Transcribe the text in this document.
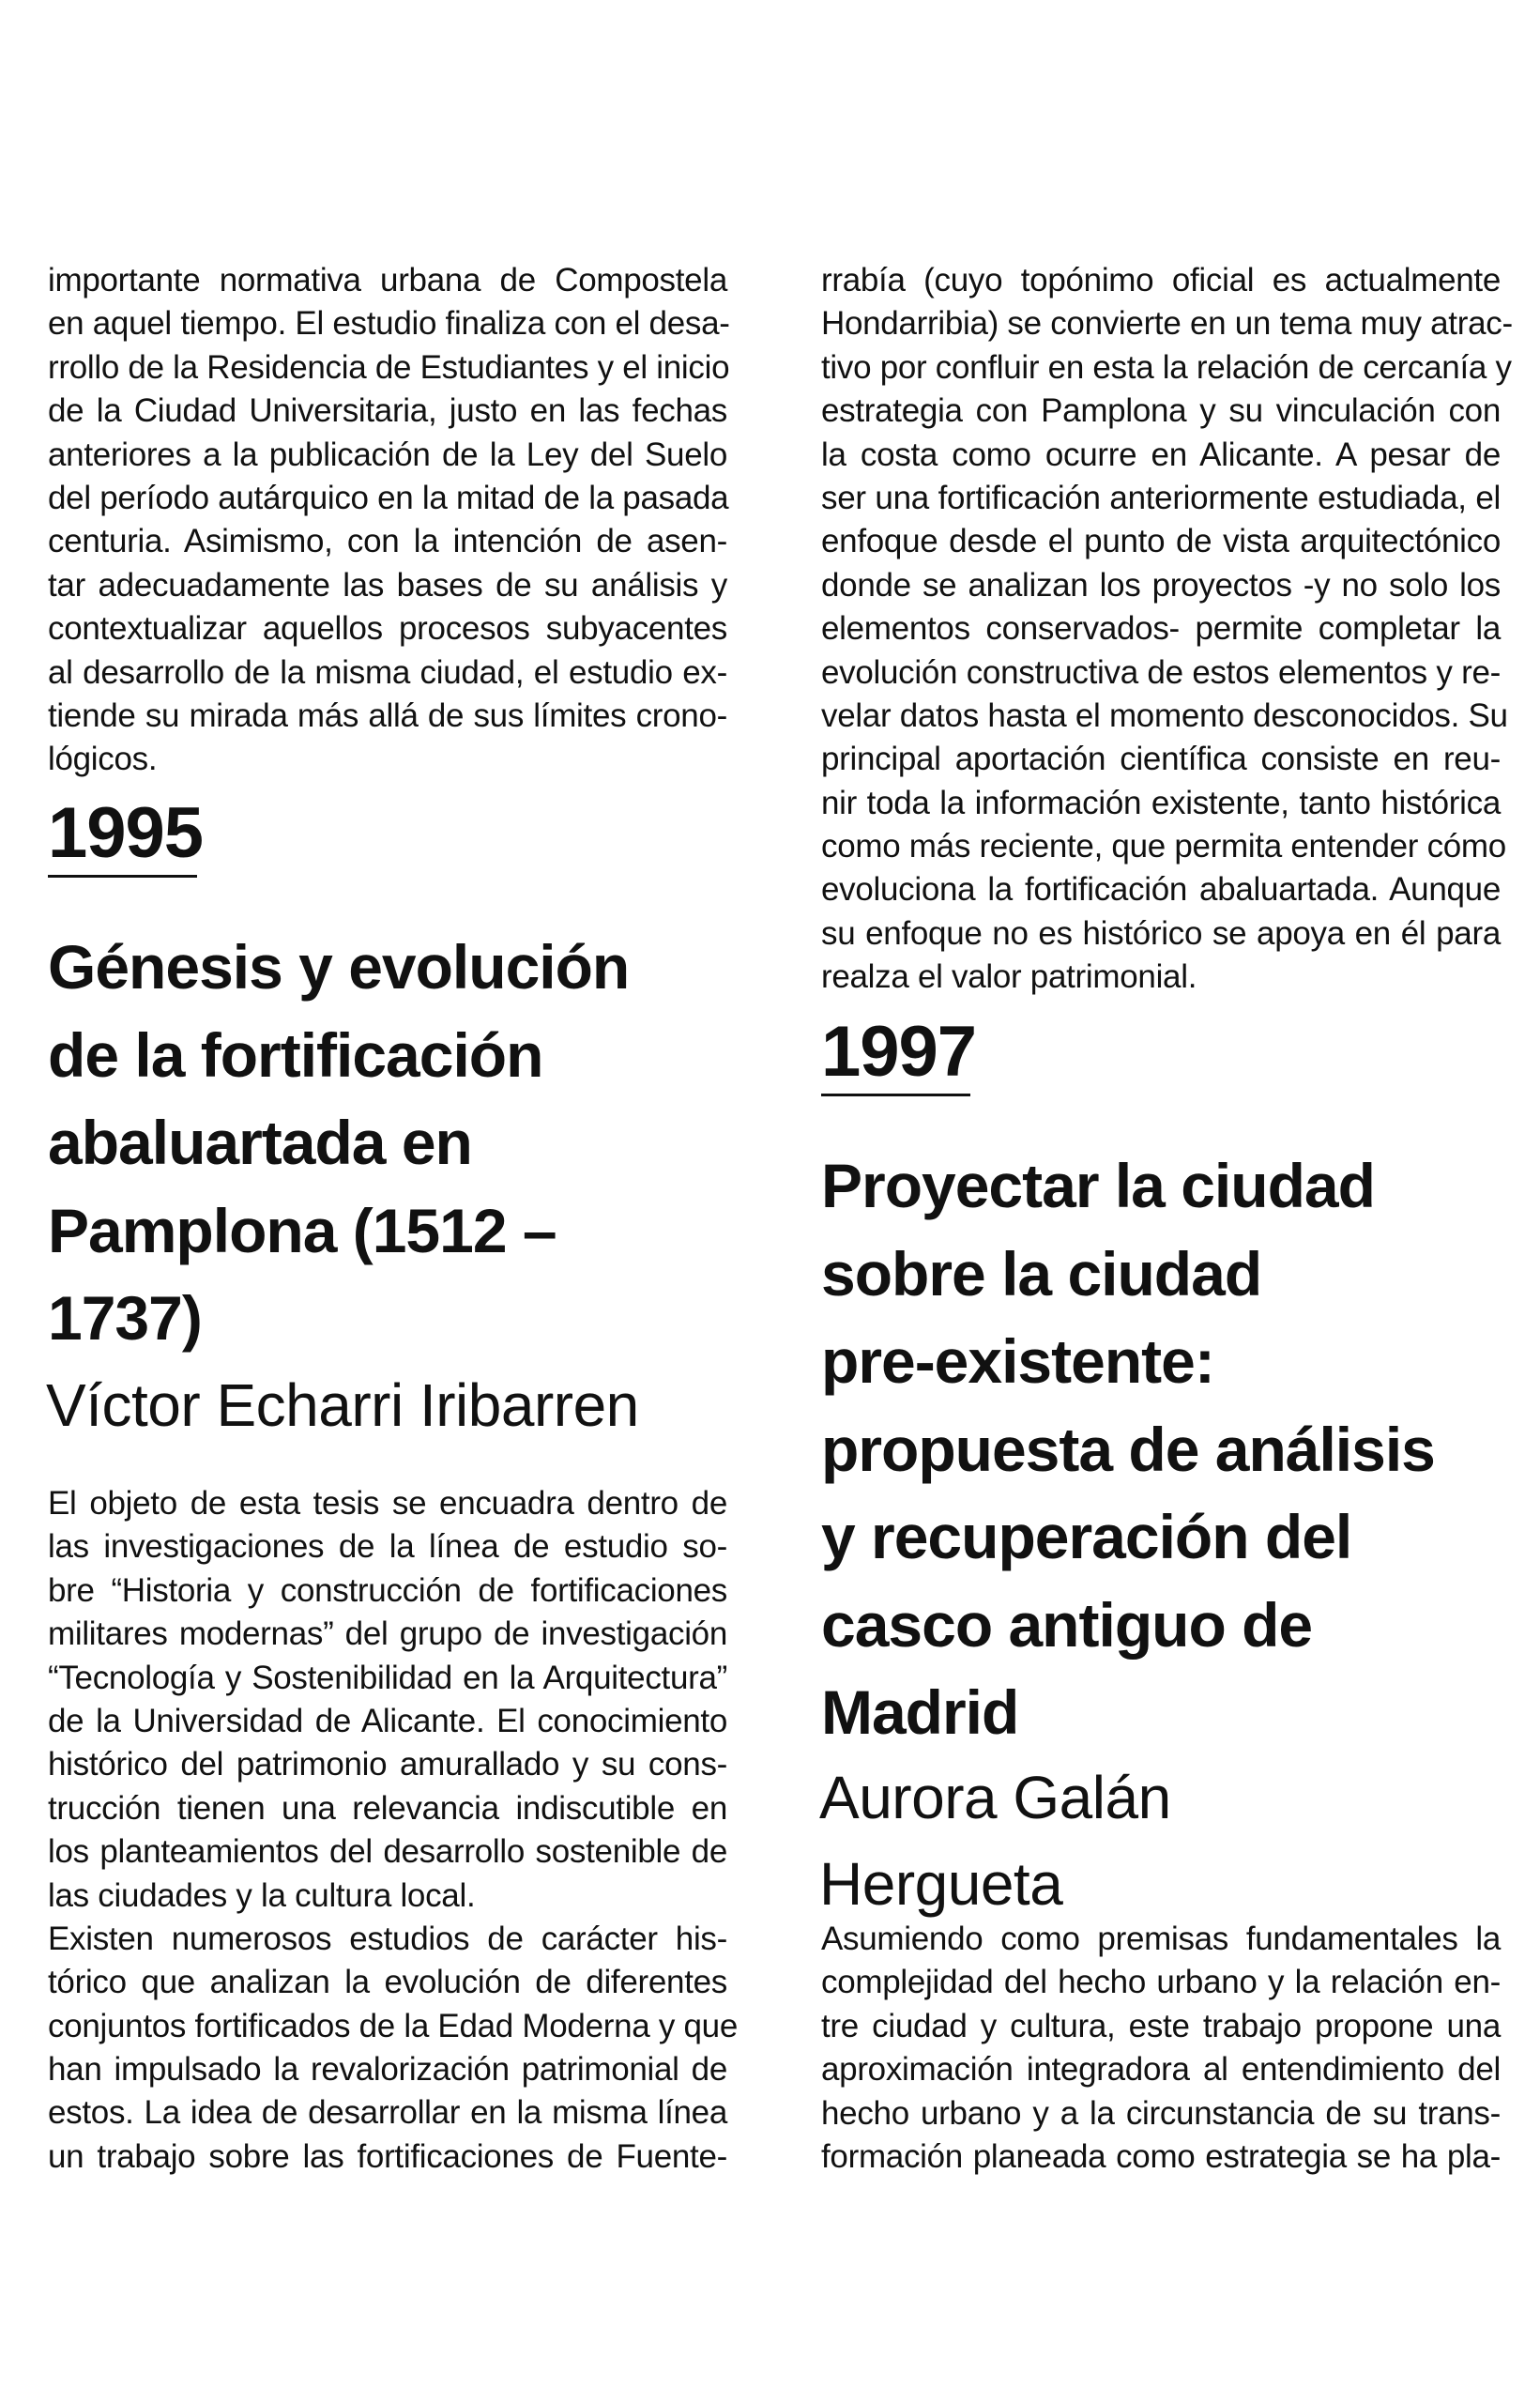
importante normativa urbana de Compostela
en aquel tiempo. El estudio finaliza con el desa-
rrollo de la Residencia de Estudiantes y el inicio
de la Ciudad Universitaria, justo en las fechas
anteriores a la publicación de la Ley del Suelo
del período autárquico en la mitad de la pasada
centuria. Asimismo, con la intención de asen-
tar adecuadamente las bases de su análisis y
contextualizar aquellos procesos subyacentes
al desarrollo de la misma ciudad, el estudio ex-
tiende su mirada más allá de sus límites crono-
lógicos.
1995
Génesis y evolución
de la fortificación
abaluartada en
Pamplona (1512 –
1737)
Víctor Echarri Iribarren
El objeto de esta tesis se encuadra dentro de
las investigaciones de la línea de estudio so-
bre “Historia y construcción de fortificaciones
militares modernas” del grupo de investigación
“Tecnología y Sostenibilidad en la Arquitectura”
de la Universidad de Alicante. El conocimiento
histórico del patrimonio amurallado y su cons-
trucción tienen una relevancia indiscutible en
los planteamientos del desarrollo sostenible de
las ciudades y la cultura local.
Existen numerosos estudios de carácter his-
tórico que analizan la evolución de diferentes
conjuntos fortificados de la Edad Moderna y que
han impulsado la revalorización patrimonial de
estos. La idea de desarrollar en la misma línea
un trabajo sobre las fortificaciones de Fuente-
rrabía (cuyo topónimo oficial es actualmente
Hondarribia) se convierte en un tema muy atrac-
tivo por confluir en esta la relación de cercanía y
estrategia con Pamplona y su vinculación con
la costa como ocurre en Alicante. A pesar de
ser una fortificación anteriormente estudiada, el
enfoque desde el punto de vista arquitectónico
donde se analizan los proyectos -y no solo los
elementos conservados- permite completar la
evolución constructiva de estos elementos y re-
velar datos hasta el momento desconocidos. Su
principal aportación científica consiste en reu-
nir toda la información existente, tanto histórica
como más reciente, que permita entender cómo
evoluciona la fortificación abaluartada. Aunque
su enfoque no es histórico se apoya en él para
realza el valor patrimonial.
1997
Proyectar la ciudad
sobre la ciudad
pre-existente:
propuesta de análisis
y recuperación del
casco antiguo de
Madrid
Aurora Galán
Hergueta
Asumiendo como premisas fundamentales la
complejidad del hecho urbano y la relación en-
tre ciudad y cultura, este trabajo propone una
aproximación integradora al entendimiento del
hecho urbano y a la circunstancia de su trans-
formación planeada como estrategia se ha pla-
